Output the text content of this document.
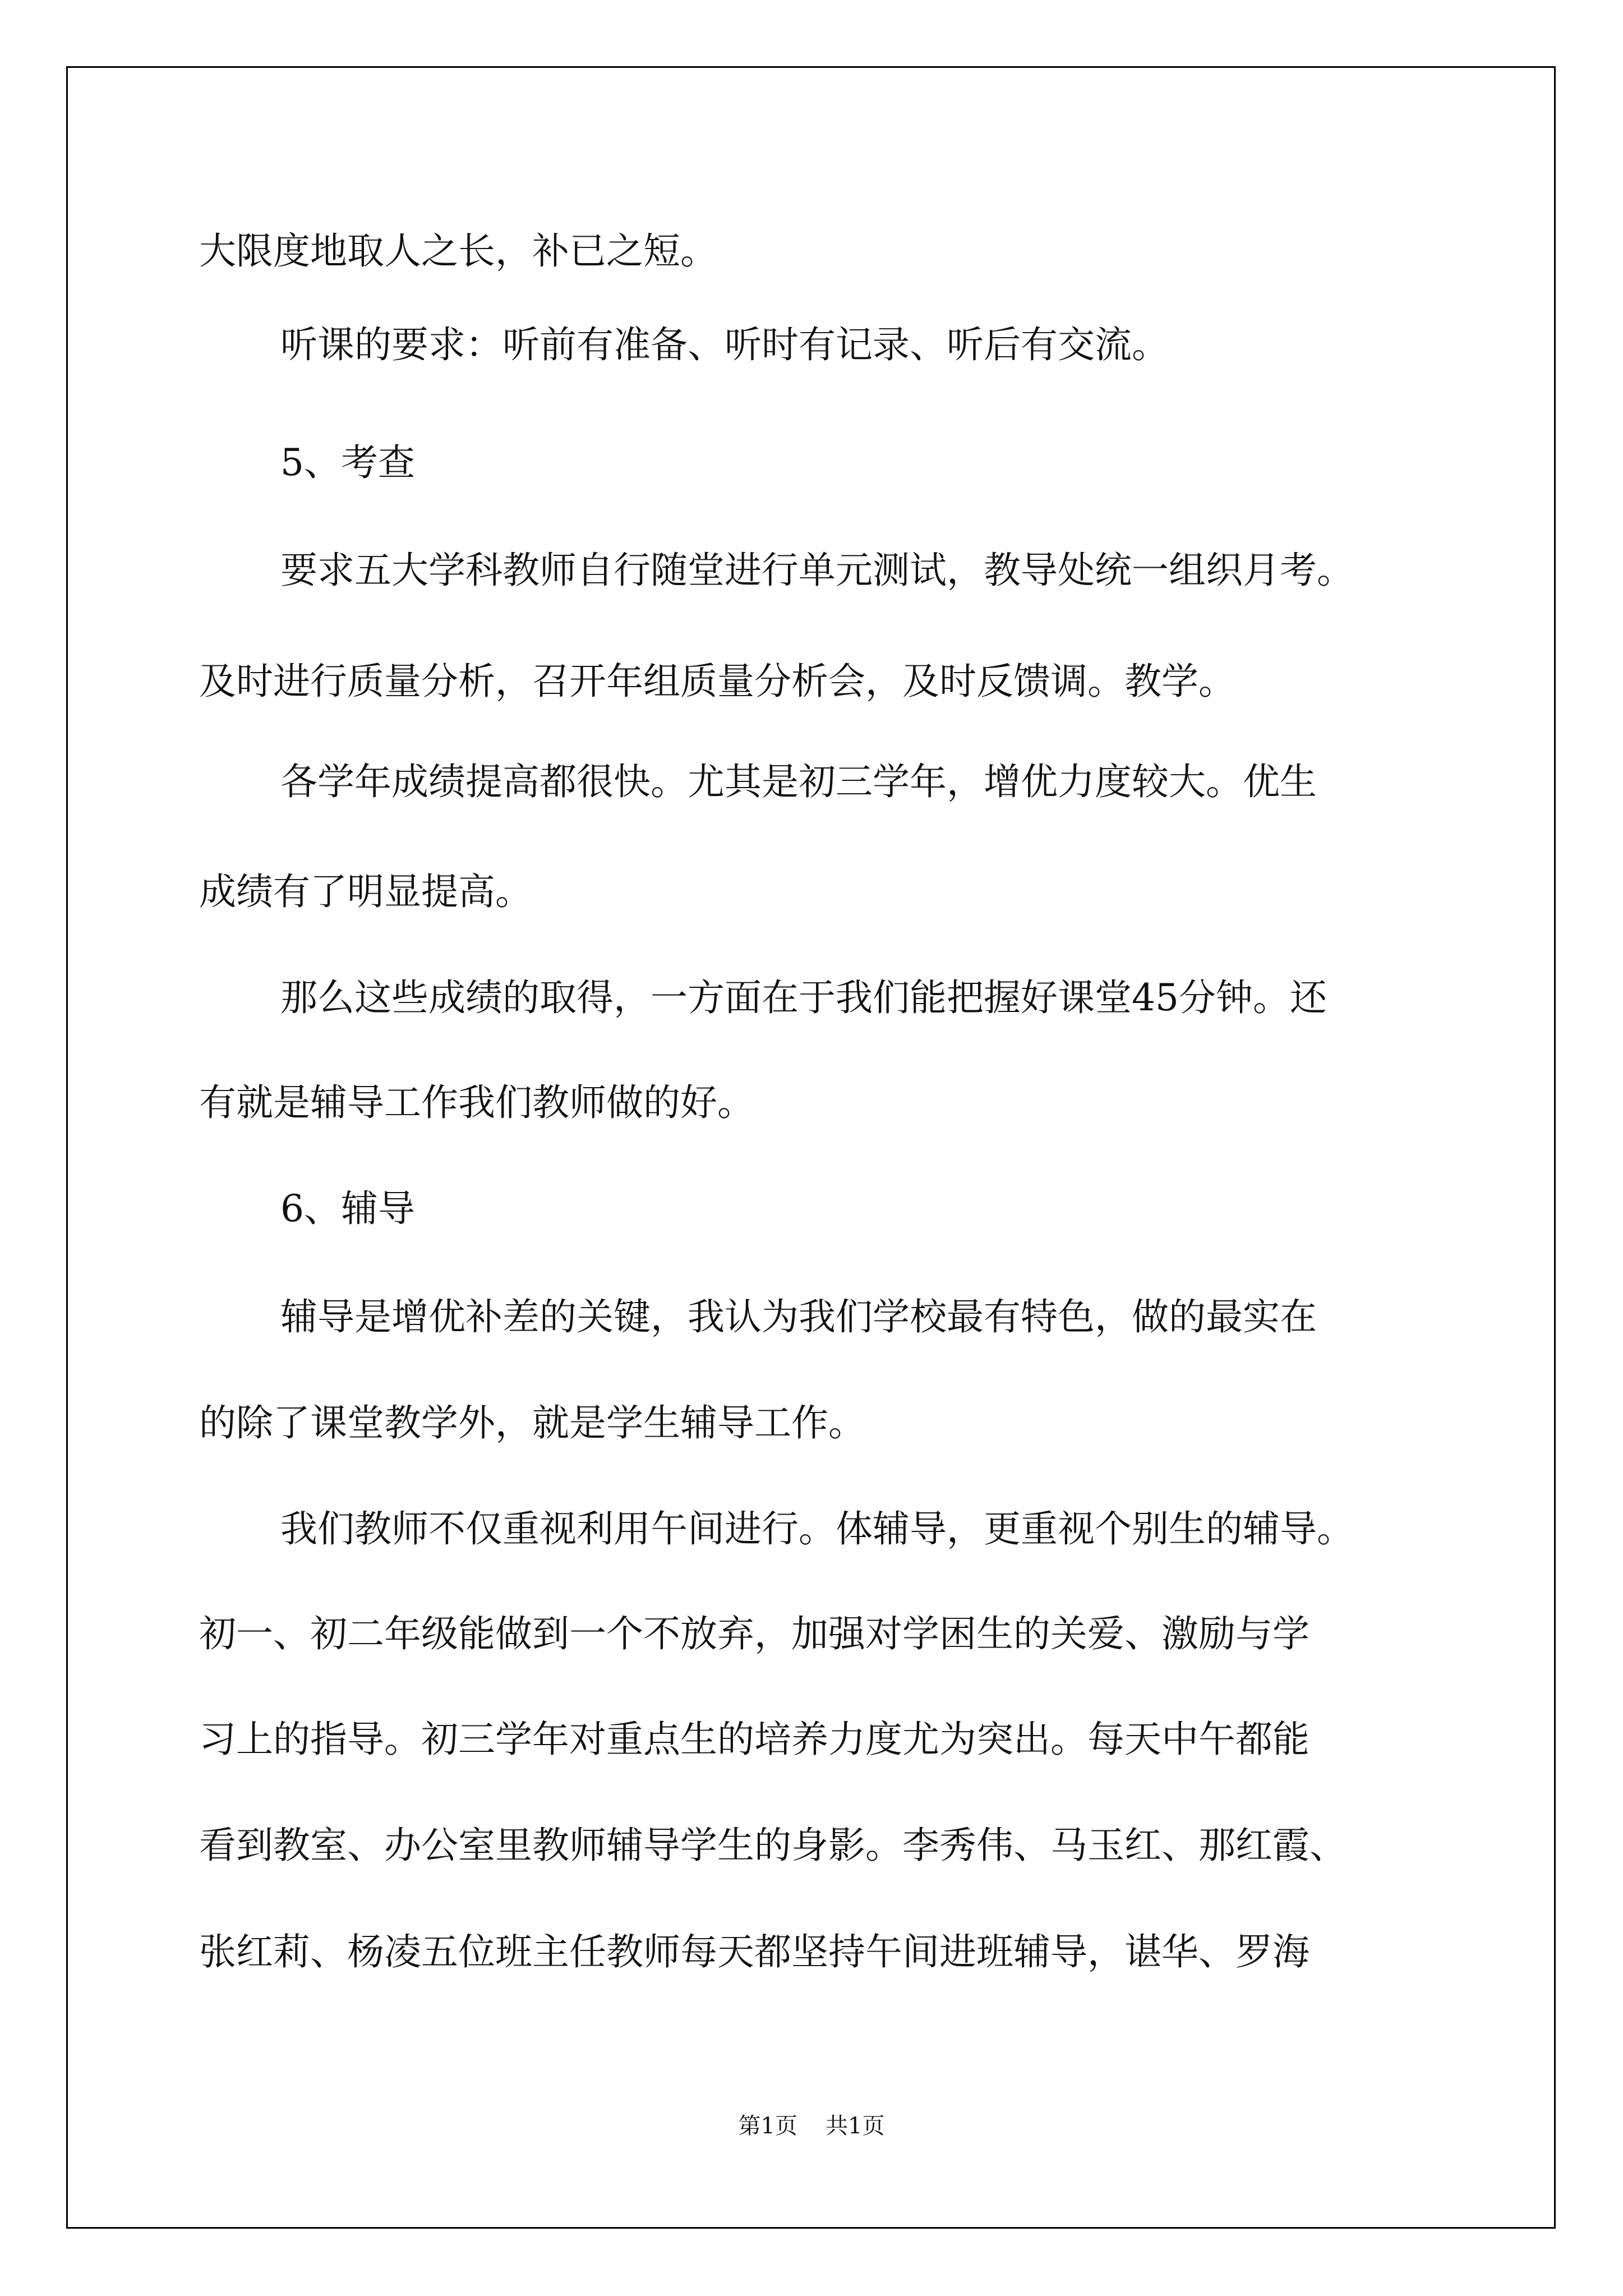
大限度地取人之长，补已之短。

听课的要求：听前有准备、听时有记录、听后有交流。

5、考查

要求五大学科教师自行随堂进行单元测试，教导处统一组织月考。

及时进行质量分析，召开年组质量分析会，及时反馈调。教学。

各学年成绩提高都很快。尤其是初三学年，增优力度较大。优生

成绩有了明显提高。

那么这些成绩的取得，一方面在于我们能把握好课堂45分钟。还

有就是辅导工作我们教师做的好。

6、辅导

辅导是增优补差的关键，我认为我们学校最有特色，做的最实在

的除了课堂教学外，就是学生辅导工作。

我们教师不仅重视利用午间进行。体辅导，更重视个别生的辅导。

初一、初二年级能做到一个不放弃，加强对学困生的关爱、激励与学

习上的指导。初三学年对重点生的培养力度尤为突出。每天中午都能

看到教室、办公室里教师辅导学生的身影。李秀伟、马玉红、那红霞、

张红莉、杨凌五位班主任教师每天都坚持午间进班辅导，谌华、罗海

第1页 共1页
